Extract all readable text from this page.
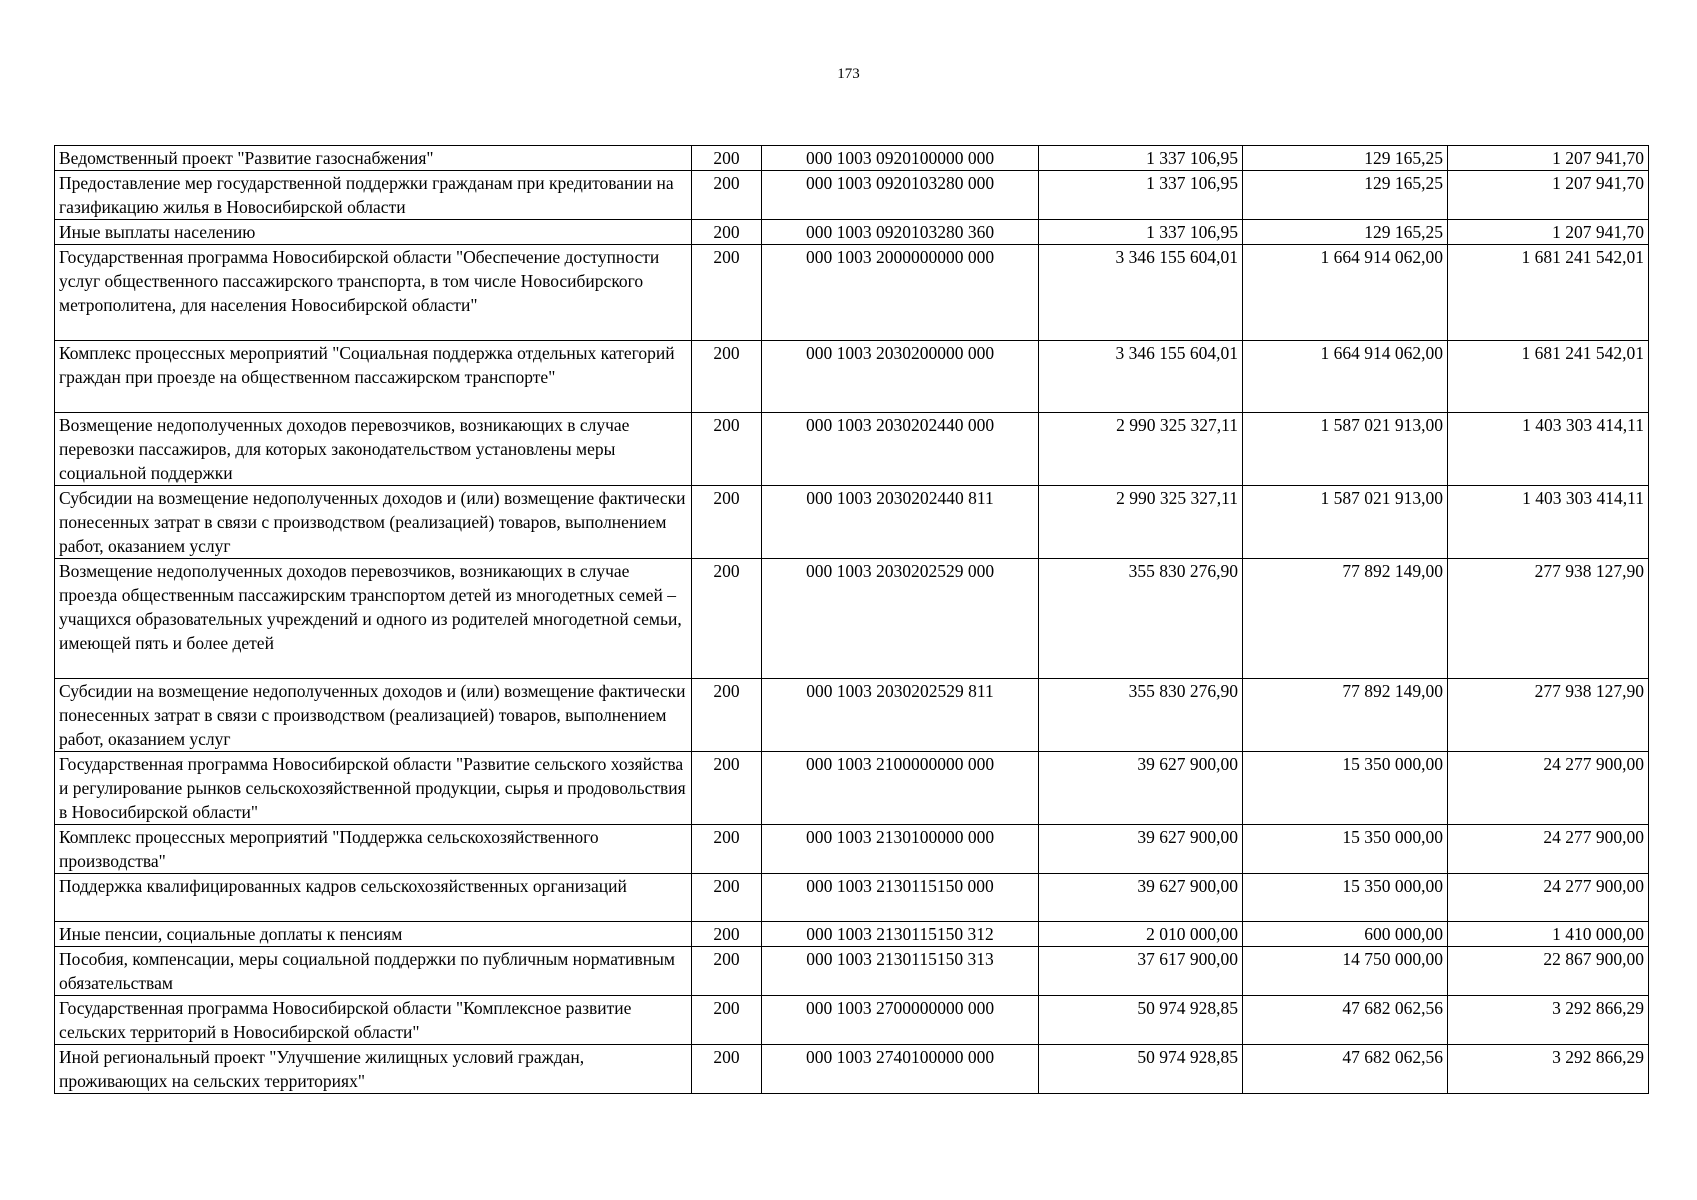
173
Ведомственный проект "Развитие газоснабжения"	200	000 1003 0920100000 000	1 337 106,95	129 165,25	1 207 941,70
Предоставление мер государственной поддержки гражданам при кредитовании на газификацию жилья в Новосибирской области	200	000 1003 0920103280 000	1 337 106,95	129 165,25	1 207 941,70
Иные выплаты населению	200	000 1003 0920103280 360	1 337 106,95	129 165,25	1 207 941,70
Государственная программа Новосибирской области "Обеспечение доступности услуг общественного пассажирского транспорта, в том числе Новосибирского метрополитена, для населения Новосибирской области"	200	000 1003 2000000000 000	3 346 155 604,01	1 664 914 062,00	1 681 241 542,01
Комплекс процессных мероприятий "Социальная поддержка отдельных категорий граждан при проезде на общественном пассажирском транспорте"	200	000 1003 2030200000 000	3 346 155 604,01	1 664 914 062,00	1 681 241 542,01
Возмещение недополученных доходов перевозчиков, возникающих в случае перевозки пассажиров, для которых законодательством установлены меры социальной поддержки	200	000 1003 2030202440 000	2 990 325 327,11	1 587 021 913,00	1 403 303 414,11
Субсидии на возмещение недополученных доходов и (или) возмещение фактически понесенных затрат в связи с производством (реализацией) товаров, выполнением работ, оказанием услуг	200	000 1003 2030202440 811	2 990 325 327,11	1 587 021 913,00	1 403 303 414,11
Возмещение недополученных доходов перевозчиков, возникающих в случае проезда общественным пассажирским транспортом детей из многодетных семей – учащихся образовательных учреждений и одного из родителей многодетной семьи, имеющей пять и более детей	200	000 1003 2030202529 000	355 830 276,90	77 892 149,00	277 938 127,90
Субсидии на возмещение недополученных доходов и (или) возмещение фактически понесенных затрат в связи с производством (реализацией) товаров, выполнением работ, оказанием услуг	200	000 1003 2030202529 811	355 830 276,90	77 892 149,00	277 938 127,90
Государственная программа Новосибирской области "Развитие сельского хозяйства и регулирование рынков сельскохозяйственной продукции, сырья и продовольствия в Новосибирской области"	200	000 1003 2100000000 000	39 627 900,00	15 350 000,00	24 277 900,00
Комплекс процессных мероприятий "Поддержка сельскохозяйственного производства"	200	000 1003 2130100000 000	39 627 900,00	15 350 000,00	24 277 900,00
Поддержка квалифицированных кадров сельскохозяйственных организаций	200	000 1003 2130115150 000	39 627 900,00	15 350 000,00	24 277 900,00
Иные пенсии, социальные доплаты к пенсиям	200	000 1003 2130115150 312	2 010 000,00	600 000,00	1 410 000,00
Пособия, компенсации, меры социальной поддержки по публичным нормативным обязательствам	200	000 1003 2130115150 313	37 617 900,00	14 750 000,00	22 867 900,00
Государственная программа Новосибирской области "Комплексное развитие сельских территорий в Новосибирской области"	200	000 1003 2700000000 000	50 974 928,85	47 682 062,56	3 292 866,29
Иной региональный проект "Улучшение жилищных условий граждан, проживающих на сельских территориях"	200	000 1003 2740100000 000	50 974 928,85	47 682 062,56	3 292 866,29
